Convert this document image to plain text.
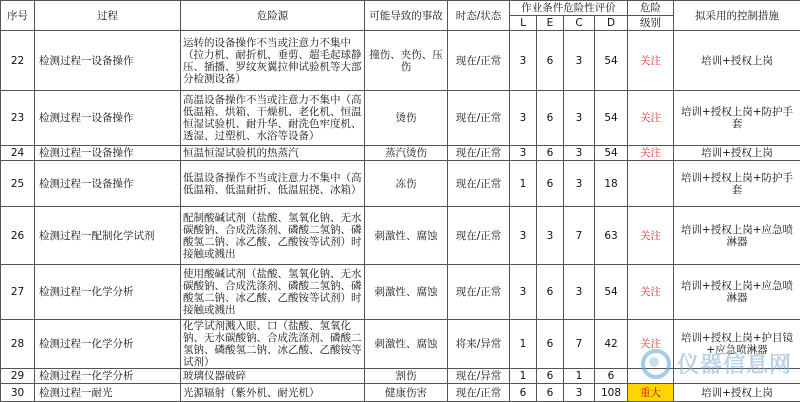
序号	过程	危险源	可能导致的事故	时态/状态	作业条件危险性评价				危险	拟采用的控制措施
					L	E	C	D	级别	
22	检测过程一设备操作	运转的设备操作不当或注意力不集中（拉力机、耐折机、垂剪、超毛起球静压、插播、罗纹灰翼拉伸试验机等大部分检测设备）	撞伤、夹伤、压伤	现在/正常	3	6	3	54	关注	培训+授权上岗
23	检测过程一设备操作	高温设备操作不当或注意力不集中（高低温箱、烘箱、干燥机、老化机、恒温恒湿试验机、耐升华、耐洗色牢度机、透湿、过塑机、水浴等设备）	烫伤	现在/正常	3	6	3	54	关注	培训+授权上岗+防护手套
24	检测过程一设备操作	恒温恒湿试验机的热蒸汽	蒸汽烫伤	现在/正常	3	6	3	54	关注	培训+授权上岗
25	检测过程一设备操作	低温设备操作不当或注意力不集中（高低温箱、低温耐折、低温屈挠、冰箱）	冻伤	现在/正常	1	6	3	18		培训+授权上岗+防护手套
26	检测过程一配制化学试剂	配制酸碱试剂（盐酸、氢氧化钠、无水碳酸钠、合成洗涤剂、磷酸二氢钠、磷酸氢二钠、冰乙酸、乙酸铵等试剂）时接触或溅出	刺激性、腐蚀	现在/正常	3	3	7	63	关注	培训+授权上岗+应急喷淋器
27	检测过程一化学分析	使用酸碱试剂（盐酸、氢氧化钠、无水碳酸钠、合成洗涤剂、磷酸二氢钠、磷酸氢二钠、冰乙酸、乙酸铵等试剂）时接触或溅出	刺激性、腐蚀	现在/正常	3	6	3	54	关注	培训+授权上岗+应急喷淋器
28	检测过程一化学分析	化学试剂溅入眼、口（盐酸、氢氧化钠、无水碳酸钠、合成洗涤剂、磷酸二氢钠、磷酸氢二钠、冰乙酸、乙酸铵等试剂）	刺激性、腐蚀	将来/异常	1	6	7	42	关注	培训+授权上岗+护目镜+应急喷淋器
29	检测过程一化学分析	玻璃仪器破碎	割伤	现在/异常	1	6	1	6		
30	检测过程一耐光	光源辐射（紫外机、耐光机）	健康伤害	现在/正常	6	6	3	108	重大	培训+授权上岗
仪器信息网
